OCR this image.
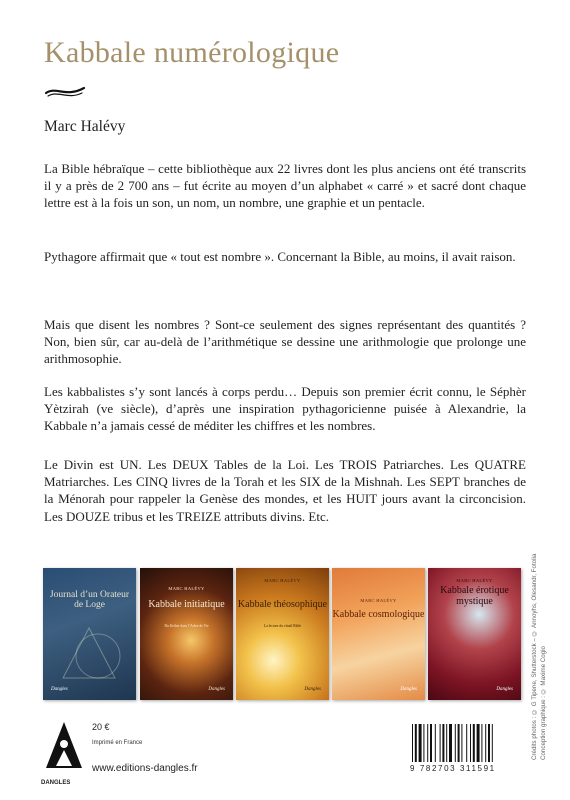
Kabbale numérologique
Marc Halévy

La Bible hébraïque – cette bibliothèque aux 22 livres dont les plus anciens ont été transcrits il y a près de 2 700 ans – fut écrite au moyen d’un alphabet « carré » et sacré dont chaque lettre est à la fois un son, un nom, un nombre, une graphie et un pentacle.

Pythagore affirmait que « tout est nombre ». Concernant la Bible, au moins, il avait raison.

Mais que disent les nombres ? Sont-ce seulement des signes représentant des quantités ? Non, bien sûr, car au-delà de l’arithmétique se dessine une arithmologie que prolonge une arithmosophie.

Les kabbalistes s’y sont lancés à corps perdu… Depuis son premier écrit connu, le Séphèr Yètzirah (ve siècle), d’après une inspiration pythagoricienne puisée à Alexandrie, la Kabbale n’a jamais cessé de méditer les chiffres et les nombres.

Le Divin est UN. Les DEUX Tables de la Loi. Les TROIS Patriarches. Les QUATRE Matriarches. Les CINQ livres de la Torah et les SIX de la Mishnah. Les SEPT branches de la Ménorah pour rappeler la Genèse des mondes, et les HUIT jours avant la circoncision. Les DOUZE tribus et les TREIZE attributs divins. Etc.

Crédits photos : © G Tipene, Shutterstock – © Annoyhs, Olesandr, Fotolia Conception graphique : © Maxime Cogio
Journal d’un Orateur de Loge
Dangles
MARC HALÉVY
Kabbale initiatique
Du Kether dans l’Arbre de Vie
Dangles
MARC HALÉVY
Kabbale théosophique
La lecture du vitrail Bible
Dangles
MARC HALÉVY
Kabbale cosmologique
Dangles
MARC HALÉVY
Kabbale érotique mystique
Dangles
DANGLES
20 €
Imprimé en France
www.editions-dangles.fr	9 782703 311591
